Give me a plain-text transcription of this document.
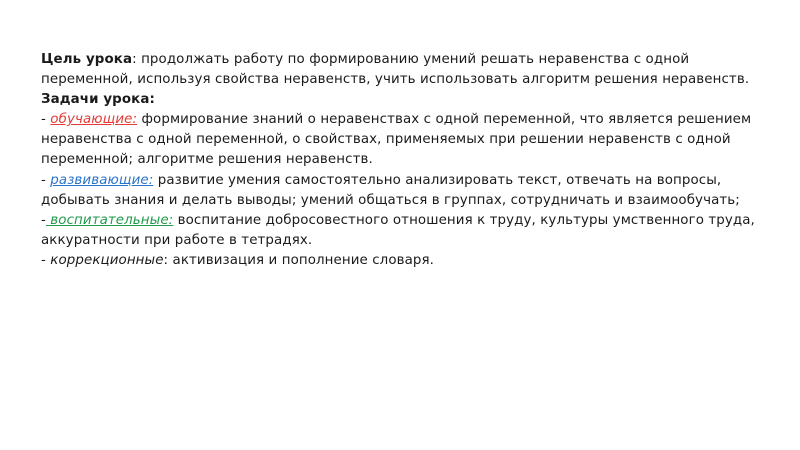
Цель урока: продолжать работу по формированию умений решать неравенства с одной переменной, используя свойства неравенств, учить использовать алгоритм решения неравенств.

Задачи урока:

- обучающие: формирование знаний о неравенствах с одной переменной, что является решением неравенства с одной переменной, о свойствах, применяемых при решении неравенств с одной переменной; алгоритме решения неравенств.

- развивающие: развитие умения самостоятельно анализировать текст, отвечать на вопросы, добывать знания и делать выводы; умений общаться в группах, сотрудничать и взаимообучать;

- воспитательные: воспитание добросовестного отношения к труду, культуры умственного труда, аккуратности при работе в тетрадях.

- коррекционные: активизация и пополнение словаря.
